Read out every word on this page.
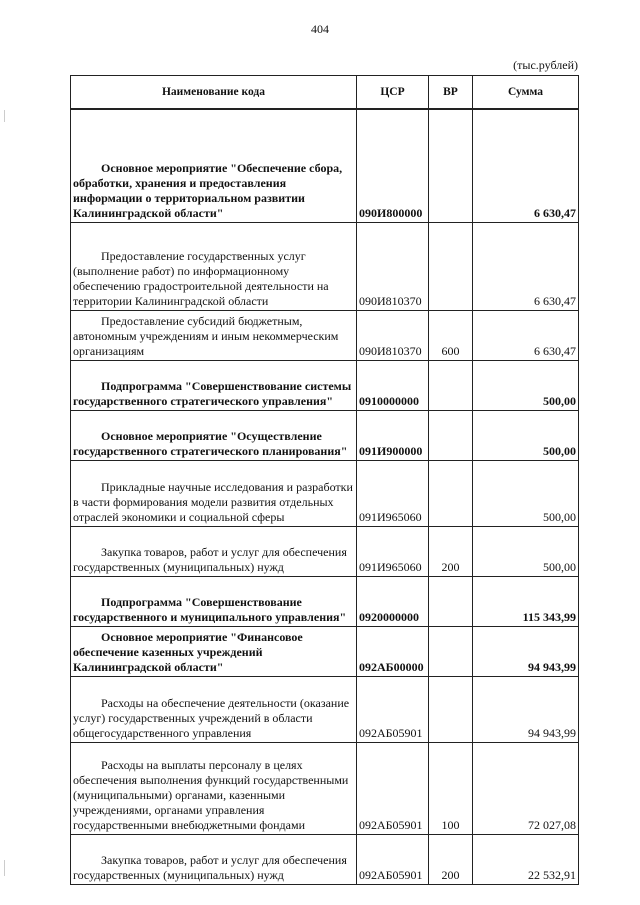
404
(тыс.рублей)
Наименование кода	ЦСР	ВР	Сумма
Основное мероприятие "Обеспечение сбора, обработки, хранения и предоставления информации о территориальном развитии Калининградской области"	090И800000		6 630,47
Предоставление государственных услуг (выполнение работ) по информационному обеспечению градостроительной деятельности на территории Калининградской области	090И810370		6 630,47
Предоставление субсидий бюджетным, автономным учреждениям и иным некоммерческим организациям	090И810370	600	6 630,47
Подпрограмма "Совершенствование системы государственного стратегического управления"	0910000000		500,00
Основное мероприятие "Осуществление государственного стратегического планирования"	091И900000		500,00
Прикладные научные исследования и разработки в части формирования модели развития отдельных отраслей экономики и социальной сферы	091И965060		500,00
Закупка товаров, работ и услуг для обеспечения государственных (муниципальных) нужд	091И965060	200	500,00
Подпрограмма "Совершенствование государственного и муниципального управления"	0920000000		115 343,99
Основное мероприятие "Финансовое обеспечение казенных учреждений Калининградской области"	092АБ00000		94 943,99
Расходы на обеспечение деятельности (оказание услуг) государственных учреждений в области общегосударственного управления	092АБ05901		94 943,99
Расходы на выплаты персоналу в целях обеспечения выполнения функций государственными (муниципальными) органами, казенными учреждениями, органами управления государственными внебюджетными фондами	092АБ05901	100	72 027,08
Закупка товаров, работ и услуг для обеспечения государственных (муниципальных) нужд	092АБ05901	200	22 532,91
